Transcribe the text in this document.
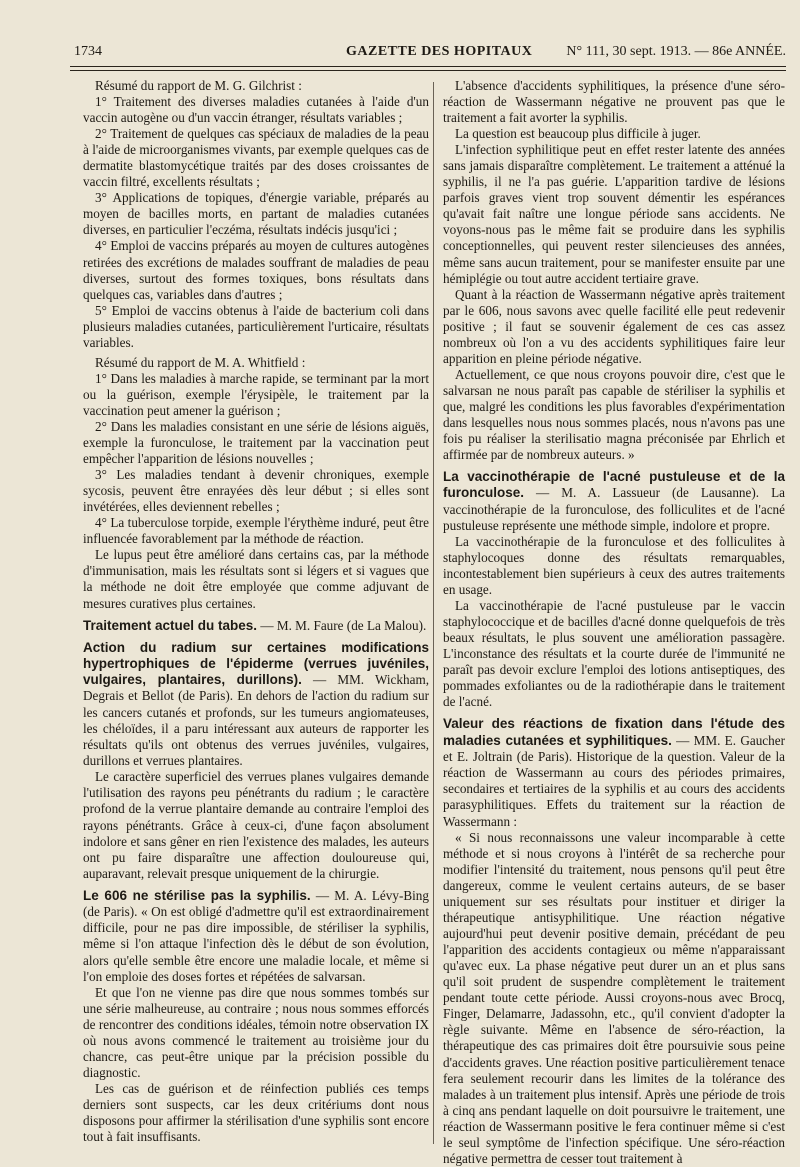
1734	GAZETTE DES HOPITAUX N° 111, 30 sept. 1913. — 86e ANNÉE.

Résumé du rapport de M. G. Gilchrist :

1° Traitement des diverses maladies cutanées à l'aide d'un vaccin autogène ou d'un vaccin étranger, résultats variables ;

2° Traitement de quelques cas spéciaux de maladies de la peau à l'aide de microorganismes vivants, par exemple quelques cas de dermatite blastomycétique traités par des doses croissantes de vaccin filtré, excellents résultats ;

3° Applications de topiques, d'énergie variable, préparés au moyen de bacilles morts, en partant de maladies cutanées diverses, en particulier l'eczéma, résultats indécis jusqu'ici ;

4° Emploi de vaccins préparés au moyen de cultures autogènes retirées des excrétions de malades souffrant de maladies de peau diverses, surtout des formes toxiques, bons résultats dans quelques cas, variables dans d'autres ;

5° Emploi de vaccins obtenus à l'aide de bacterium coli dans plusieurs maladies cutanées, particulièrement l'urticaire, résultats variables.

Résumé du rapport de M. A. Whitfield :

1° Dans les maladies à marche rapide, se terminant par la mort ou la guérison, exemple l'érysipèle, le traitement par la vaccination peut amener la guérison ;

2° Dans les maladies consistant en une série de lésions aiguës, exemple la furonculose, le traitement par la vaccination peut empêcher l'apparition de lésions nouvelles ;

3° Les maladies tendant à devenir chroniques, exemple sycosis, peuvent être enrayées dès leur début ; si elles sont invétérées, elles deviennent rebelles ;

4° La tuberculose torpide, exemple l'érythème induré, peut être influencée favorablement par la méthode de réaction.

Le lupus peut être amélioré dans certains cas, par la méthode d'immunisation, mais les résultats sont si légers et si vagues que la méthode ne doit être employée que comme adjuvant de mesures curatives plus certaines.

Traitement actuel du tabes. — M. M. Faure (de La Malou).

Action du radium sur certaines modifications hypertrophiques de l'épiderme (verrues juvéniles, vulgaires, plantaires, durillons). — MM. Wickham, Degrais et Bellot (de Paris). En dehors de l'action du radium sur les cancers cutanés et profonds, sur les tumeurs angiomateuses, les chéloïdes, il a paru intéressant aux auteurs de rapporter les résultats qu'ils ont obtenus des verrues juvéniles, vulgaires, durillons et verrues plantaires.

Le caractère superficiel des verrues planes vulgaires demande l'utilisation des rayons peu pénétrants du radium ; le caractère profond de la verrue plantaire demande au contraire l'emploi des rayons pénétrants. Grâce à ceux-ci, d'une façon absolument indolore et sans gêner en rien l'existence des malades, les auteurs ont pu faire disparaître une affection douloureuse qui, auparavant, relevait presque uniquement de la chirurgie.

Le 606 ne stérilise pas la syphilis. — M. A. Lévy-Bing (de Paris). « On est obligé d'admettre qu'il est extraordinairement difficile, pour ne pas dire impossible, de stériliser la syphilis, même si l'on attaque l'infection dès le début de son évolution, alors qu'elle semble être encore une maladie locale, et même si l'on emploie des doses fortes et répétées de salvarsan.

Et que l'on ne vienne pas dire que nous sommes tombés sur une série malheureuse, au contraire ; nous nous sommes efforcés de rencontrer des conditions idéales, témoin notre observation IX où nous avons commencé le traitement au troisième jour du chancre, cas peut-être unique par la précision possible du diagnostic.

Les cas de guérison et de réinfection publiés ces temps derniers sont suspects, car les deux critériums dont nous disposons pour affirmer la stérilisation d'une syphilis sont encore tout à fait insuffisants.

L'absence d'accidents syphilitiques, la présence d'une séro-réaction de Wassermann négative ne prouvent pas que le traitement a fait avorter la syphilis.

La question est beaucoup plus difficile à juger.

L'infection syphilitique peut en effet rester latente des années sans jamais disparaître complètement. Le traitement a atténué la syphilis, il ne l'a pas guérie. L'apparition tardive de lésions parfois graves vient trop souvent démentir les espérances qu'avait fait naître une longue période sans accidents. Ne voyons-nous pas le même fait se produire dans les syphilis conceptionnelles, qui peuvent rester silencieuses des années, même sans aucun traitement, pour se manifester ensuite par une hémiplégie ou tout autre accident tertiaire grave.

Quant à la réaction de Wassermann négative après traitement par le 606, nous savons avec quelle facilité elle peut redevenir positive ; il faut se souvenir également de ces cas assez nombreux où l'on a vu des accidents syphilitiques faire leur apparition en pleine période négative.

Actuellement, ce que nous croyons pouvoir dire, c'est que le salvarsan ne nous paraît pas capable de stériliser la syphilis et que, malgré les conditions les plus favorables d'expérimentation dans lesquelles nous nous sommes placés, nous n'avons pas une fois pu réaliser la sterilisatio magna préconisée par Ehrlich et affirmée par de nombreux auteurs. »

La vaccinothérapie de l'acné pustuleuse et de la furonculose. — M. A. Lassueur (de Lausanne). La vaccinothérapie de la furonculose, des folliculites et de l'acné pustuleuse représente une méthode simple, indolore et propre.

La vaccinothérapie de la furonculose et des folliculites à staphylocoques donne des résultats remarquables, incontestablement bien supérieurs à ceux des autres traitements en usage.

La vaccinothérapie de l'acné pustuleuse par le vaccin staphylococcique et de bacilles d'acné donne quelquefois de très beaux résultats, le plus souvent une amélioration passagère. L'inconstance des résultats et la courte durée de l'immunité ne paraît pas devoir exclure l'emploi des lotions antiseptiques, des pommades exfoliantes ou de la radiothérapie dans le traitement de l'acné.

Valeur des réactions de fixation dans l'étude des maladies cutanées et syphilitiques. — MM. E. Gaucher et E. Joltrain (de Paris). Historique de la question. Valeur de la réaction de Wassermann au cours des périodes primaires, secondaires et tertiaires de la syphilis et au cours des accidents parasyphilitiques. Effets du traitement sur la réaction de Wassermann :

« Si nous reconnaissons une valeur incomparable à cette méthode et si nous croyons à l'intérêt de sa recherche pour modifier l'intensité du traitement, nous pensons qu'il peut être dangereux, comme le veulent certains auteurs, de se baser uniquement sur ses résultats pour instituer et diriger la thérapeutique antisyphilitique. Une réaction négative aujourd'hui peut devenir positive demain, précédant de peu l'apparition des accidents contagieux ou même n'apparaissant qu'avec eux. La phase négative peut durer un an et plus sans qu'il soit prudent de suspendre complètement le traitement pendant toute cette période. Aussi croyons-nous avec Brocq, Finger, Delamarre, Jadassohn, etc., qu'il convient d'adopter la règle suivante. Même en l'absence de séro-réaction, la thérapeutique des cas primaires doit être poursuivie sous peine d'accidents graves. Une réaction positive particulièrement tenace fera seulement recourir dans les limites de la tolérance des malades à un traitement plus intensif. Après une période de trois à cinq ans pendant laquelle on doit poursuivre le traitement, une réaction de Wassermann positive le fera continuer même si c'est le seul symptôme de l'infection spécifique. Une séro-réaction négative permettra de cesser tout traitement à
